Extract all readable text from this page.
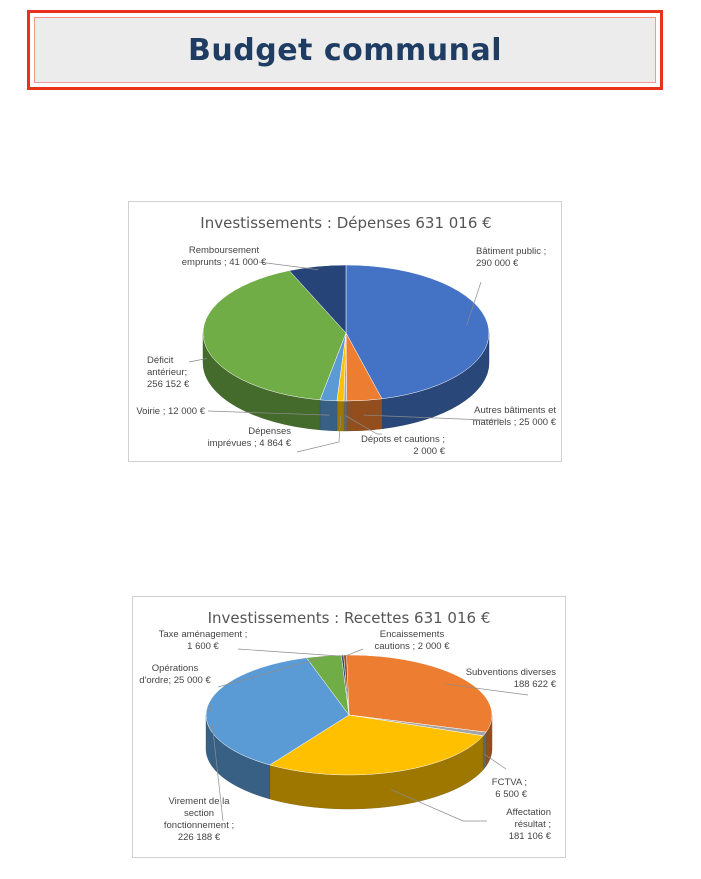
Budget communal
Investissements : Dépenses 631 016 €
Bâtiment public ; 290 000 €
Autres bâtiments et matériels ; 25 000 €
Dépots et cautions ; 2 000 €
Dépenses imprévues ; 4 864 €
Voirie ; 12 000 €
Déficit antérieur; 256 152 €
Remboursement emprunts ; 41 000 €
Investissements : Recettes 631 016 €
Subventions diverses 188 622 €
FCTVA ; 6 500 €
Affectation résultat ; 181 106 €
Virement de la section fonctionnement ; 226 188 €
Opérations d'ordre; 25 000 €
Taxe aménagement ; 1 600 €
Encaissements cautions ; 2 000 €
